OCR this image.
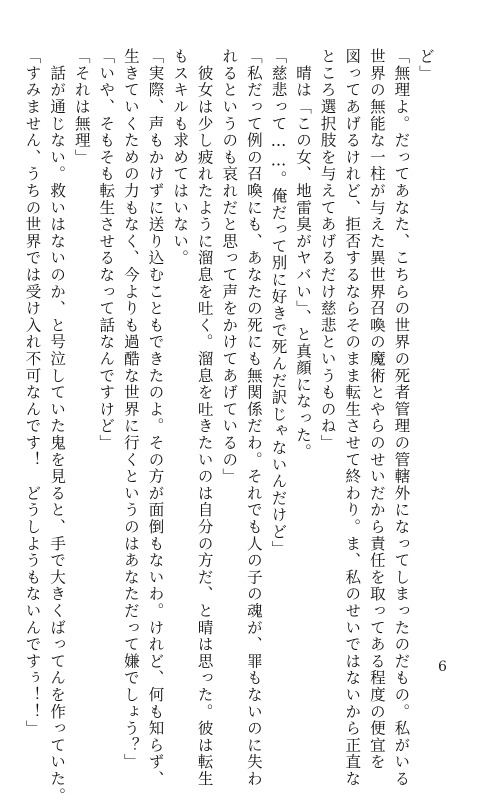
ど」
「無理よ。だってあなた、こちらの世界の死者管理の管轄外になってしまったのだもの。私がいる
世界の無能な一柱が与えた異世界召喚の魔術とやらのせいだから責任を取ってある程度の便宜を
図ってあげるけれど、拒否するならそのまま転生させて終わり。ま、私のせいではないから正直な
ところ選択肢を与えてあげるだけ慈悲というものね」
　晴は「この女、地雷臭がヤバい」、と真顔になった。
「慈悲って……。俺だって別に好きで死んだ訳じゃないんだけど」
「私だって例の召喚にも、あなたの死にも無関係だわ。それでも人の子の魂が、罪もないのに失わ
れるというのも哀れだと思って声をかけてあげているの」
　彼女は少し疲れたように溜息を吐く。溜息を吐きたいのは自分の方だ、と晴は思った。彼は転生
もスキルも求めてはいない。
「実際、声もかけずに送り込むこともできたのよ。その方が面倒もないわ。けれど、何も知らず、
生きていくための力もなく、今よりも過酷な世界に行くというのはあなただって嫌でしょう？」
「いや、そもそも転生させるなって話なんですけど」
「それは無理」
　話が通じない。救いはないのか、と号泣していた鬼を見ると、手で大きくばってんを作っていた。
「すみません、うちの世界では受け入れ不可なんです！　どうしようもないんですぅ！！」	6
